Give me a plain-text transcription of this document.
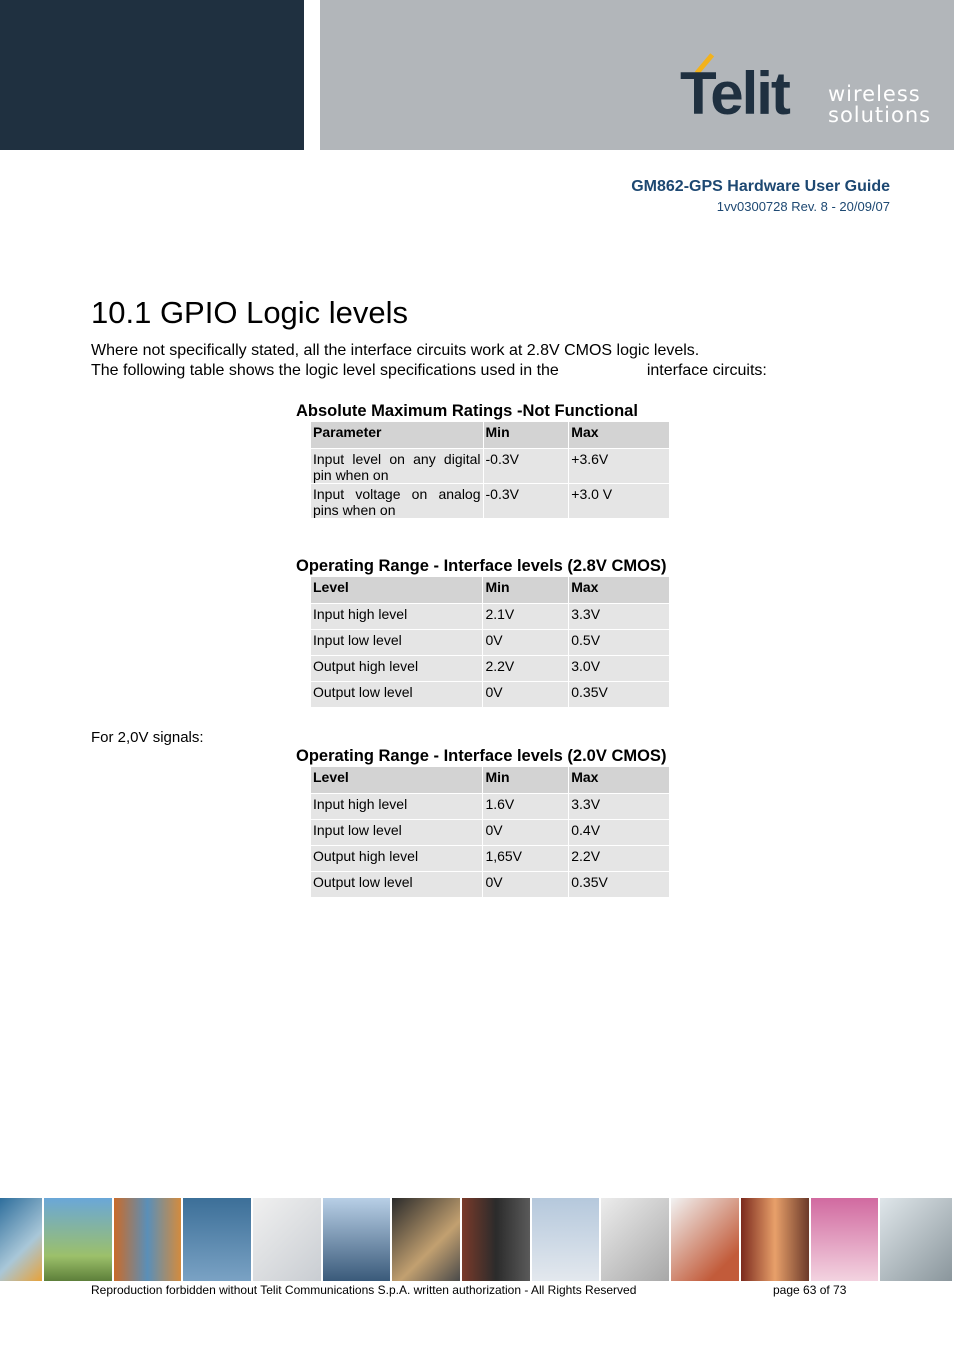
Telit wireless
solutions
GM862-GPS Hardware User Guide
1vv0300728 Rev. 8 - 20/09/07
10.1 GPIO Logic levels

Where not specifically stated, all the interface circuits work at 2.8V CMOS logic levels.

The following table shows the logic level specifications used in the	interface circuits:

Absolute Maximum Ratings -Not Functional
Parameter	Min	Max
Input level on any digital pin when on	-0.3V	+3.6V
Input voltage on analog pins when on	-0.3V	+3.0 V
Operating Range - Interface levels (2.8V CMOS)
Level	Min	Max
Input high level	2.1V	3.3V
Input low level	0V	0.5V
Output high level	2.2V	3.0V
Output low level	0V	0.35V

For 2,0V signals:

Operating Range - Interface levels (2.0V CMOS)
Level	Min	Max
Input high level	1.6V	3.3V
Input low level	0V	0.4V
Output high level	1,65V	2.2V
Output low level	0V	0.35V
Reproduction forbidden without Telit Communications S.p.A. written authorization - All Rights Reserved	page 63 of 73
